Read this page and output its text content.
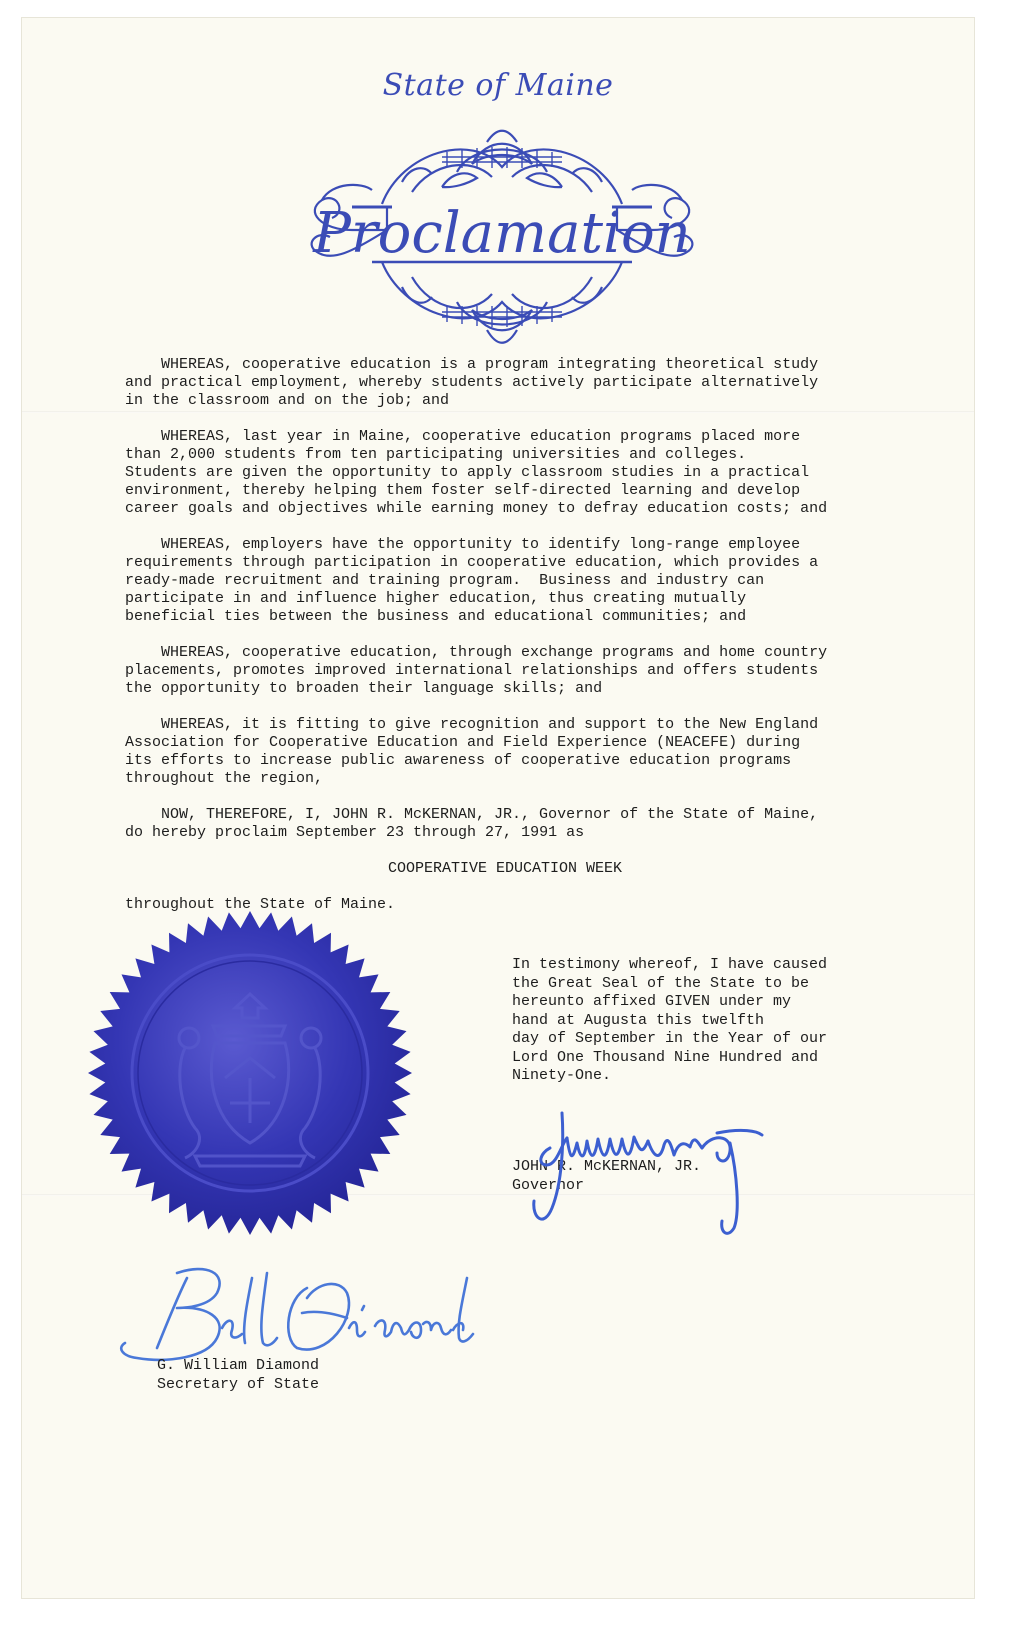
State of Maine
Proclamation

WHEREAS, cooperative education is a program integrating theoretical study
and practical employment, whereby students actively participate alternatively
in the classroom and on the job; and

WHEREAS, last year in Maine, cooperative education programs placed more
than 2,000 students from ten participating universities and colleges.
Students are given the opportunity to apply classroom studies in a practical
environment, thereby helping them foster self-directed learning and develop
career goals and objectives while earning money to defray education costs; and

WHEREAS, employers have the opportunity to identify long-range employee
requirements through participation in cooperative education, which provides a
ready-made recruitment and training program.  Business and industry can
participate in and influence higher education, thus creating mutually
beneficial ties between the business and educational communities; and

WHEREAS, cooperative education, through exchange programs and home country
placements, promotes improved international relationships and offers students
the opportunity to broaden their language skills; and

WHEREAS, it is fitting to give recognition and support to the New England
Association for Cooperative Education and Field Experience (NEACEFE) during
its efforts to increase public awareness of cooperative education programs
throughout the region,

NOW, THEREFORE, I, JOHN R. McKERNAN, JR., Governor of the State of Maine,
do hereby proclaim September 23 through 27, 1991 as

COOPERATIVE EDUCATION WEEK

throughout the State of Maine.

In testimony whereof, I have caused
the Great Seal of the State to be
hereunto affixed GIVEN under my
hand at Augusta this twelfth
day of September in the Year of our
Lord One Thousand Nine Hundred and
Ninety-One.
JOHN R. McKERNAN, JR.
Governor
G. William Diamond
Secretary of State
